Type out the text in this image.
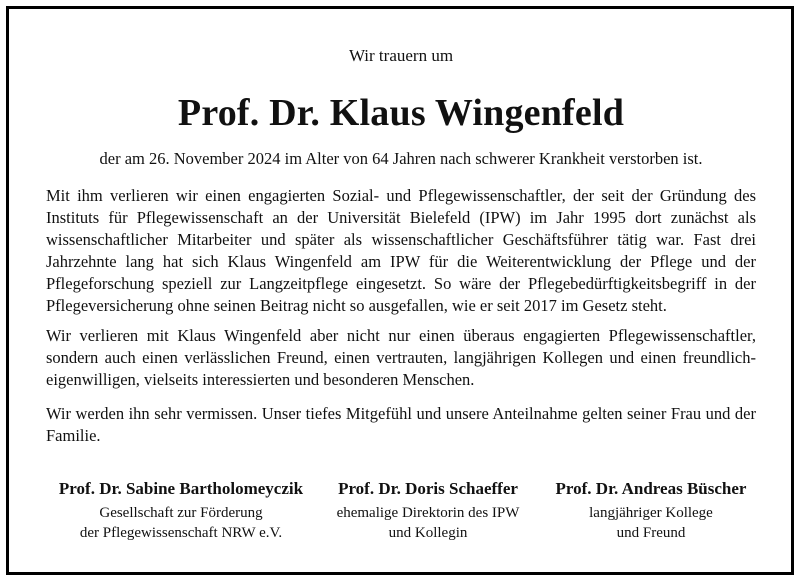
Wir trauern um
Prof. Dr. Klaus Wingenfeld
der am 26. November 2024 im Alter von 64 Jahren nach schwerer Krankheit verstorben ist.
Mit ihm verlieren wir einen engagierten Sozial- und Pflegewissenschaftler, der seit der Gründung des Instituts für Pflegewissenschaft an der Universität Bielefeld (IPW) im Jahr 1995 dort zunächst als wissenschaftlicher Mitarbeiter und später als wissenschaftlicher Geschäftsführer tätig war. Fast drei Jahrzehnte lang hat sich Klaus Wingenfeld am IPW für die Weiterentwicklung der Pflege und der Pflegeforschung speziell zur Langzeitpflege eingesetzt. So wäre der Pflegebedürftigkeitsbegriff in der Pflegeversicherung ohne seinen Beitrag nicht so ausgefallen, wie er seit 2017 im Gesetz steht.
Wir verlieren mit Klaus Wingenfeld aber nicht nur einen überaus engagierten Pflegewissenschaftler, sondern auch einen verlässlichen Freund, einen vertrauten, langjährigen Kollegen und einen freundlich-eigenwilligen, vielseits interessierten und besonderen Menschen.
Wir werden ihn sehr vermissen. Unser tiefes Mitgefühl und unsere Anteilnahme gelten seiner Frau und der Familie.
Prof. Dr. Sabine Bartholomeyczik
Gesellschaft zur Förderung
der Pflegewissenschaft NRW e.V.
Prof. Dr. Doris Schaeffer
ehemalige Direktorin des IPW
und Kollegin
Prof. Dr. Andreas Büscher
langjähriger Kollege
und Freund
